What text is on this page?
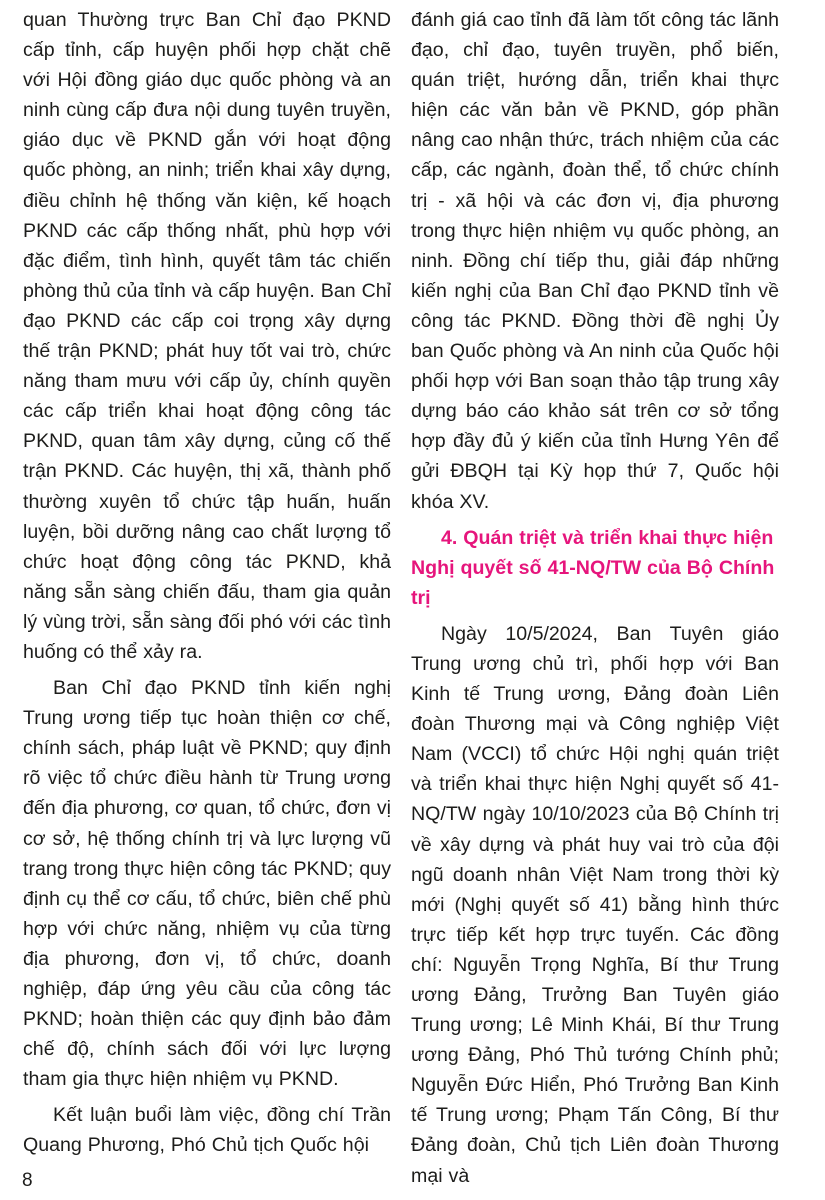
quan Thường trực Ban Chỉ đạo PKND cấp tỉnh, cấp huyện phối hợp chặt chẽ với Hội đồng giáo dục quốc phòng và an ninh cùng cấp đưa nội dung tuyên truyền, giáo dục về PKND gắn với hoạt động quốc phòng, an ninh; triển khai xây dựng, điều chỉnh hệ thống văn kiện, kế hoạch PKND các cấp thống nhất, phù hợp với đặc điểm, tình hình, quyết tâm tác chiến phòng thủ của tỉnh và cấp huyện. Ban Chỉ đạo PKND các cấp coi trọng xây dựng thế trận PKND; phát huy tốt vai trò, chức năng tham mưu với cấp ủy, chính quyền các cấp triển khai hoạt động công tác PKND, quan tâm xây dựng, củng cố thế trận PKND. Các huyện, thị xã, thành phố thường xuyên tổ chức tập huấn, huấn luyện, bồi dưỡng nâng cao chất lượng tổ chức hoạt động công tác PKND, khả năng sẵn sàng chiến đấu, tham gia quản lý vùng trời, sẵn sàng đối phó với các tình huống có thể xảy ra.

Ban Chỉ đạo PKND tỉnh kiến nghị Trung ương tiếp tục hoàn thiện cơ chế, chính sách, pháp luật về PKND; quy định rõ việc tổ chức điều hành từ Trung ương đến địa phương, cơ quan, tổ chức, đơn vị cơ sở, hệ thống chính trị và lực lượng vũ trang trong thực hiện công tác PKND; quy định cụ thể cơ cấu, tổ chức, biên chế phù hợp với chức năng, nhiệm vụ của từng địa phương, đơn vị, tổ chức, doanh nghiệp, đáp ứng yêu cầu của công tác PKND; hoàn thiện các quy định bảo đảm chế độ, chính sách đối với lực lượng tham gia thực hiện nhiệm vụ PKND.

Kết luận buổi làm việc, đồng chí Trần Quang Phương, Phó Chủ tịch Quốc hội

đánh giá cao tỉnh đã làm tốt công tác lãnh đạo, chỉ đạo, tuyên truyền, phổ biến, quán triệt, hướng dẫn, triển khai thực hiện các văn bản về PKND, góp phần nâng cao nhận thức, trách nhiệm của các cấp, các ngành, đoàn thể, tổ chức chính trị - xã hội và các đơn vị, địa phương trong thực hiện nhiệm vụ quốc phòng, an ninh. Đồng chí tiếp thu, giải đáp những kiến nghị của Ban Chỉ đạo PKND tỉnh về công tác PKND. Đồng thời đề nghị Ủy ban Quốc phòng và An ninh của Quốc hội phối hợp với Ban soạn thảo tập trung xây dựng báo cáo khảo sát trên cơ sở tổng hợp đầy đủ ý kiến của tỉnh Hưng Yên để gửi ĐBQH tại Kỳ họp thứ 7, Quốc hội khóa XV.

4. Quán triệt và triển khai thực hiện Nghị quyết số 41-NQ/TW của Bộ Chính trị

Ngày 10/5/2024, Ban Tuyên giáo Trung ương chủ trì, phối hợp với Ban Kinh tế Trung ương, Đảng đoàn Liên đoàn Thương mại và Công nghiệp Việt Nam (VCCI) tổ chức Hội nghị quán triệt và triển khai thực hiện Nghị quyết số 41-NQ/TW ngày 10/10/2023 của Bộ Chính trị về xây dựng và phát huy vai trò của đội ngũ doanh nhân Việt Nam trong thời kỳ mới (Nghị quyết số 41) bằng hình thức trực tiếp kết hợp trực tuyến. Các đồng chí: Nguyễn Trọng Nghĩa, Bí thư Trung ương Đảng, Trưởng Ban Tuyên giáo Trung ương; Lê Minh Khái, Bí thư Trung ương Đảng, Phó Thủ tướng Chính phủ; Nguyễn Đức Hiển, Phó Trưởng Ban Kinh tế Trung ương; Phạm Tấn Công, Bí thư Đảng đoàn, Chủ tịch Liên đoàn Thương mại và

8
